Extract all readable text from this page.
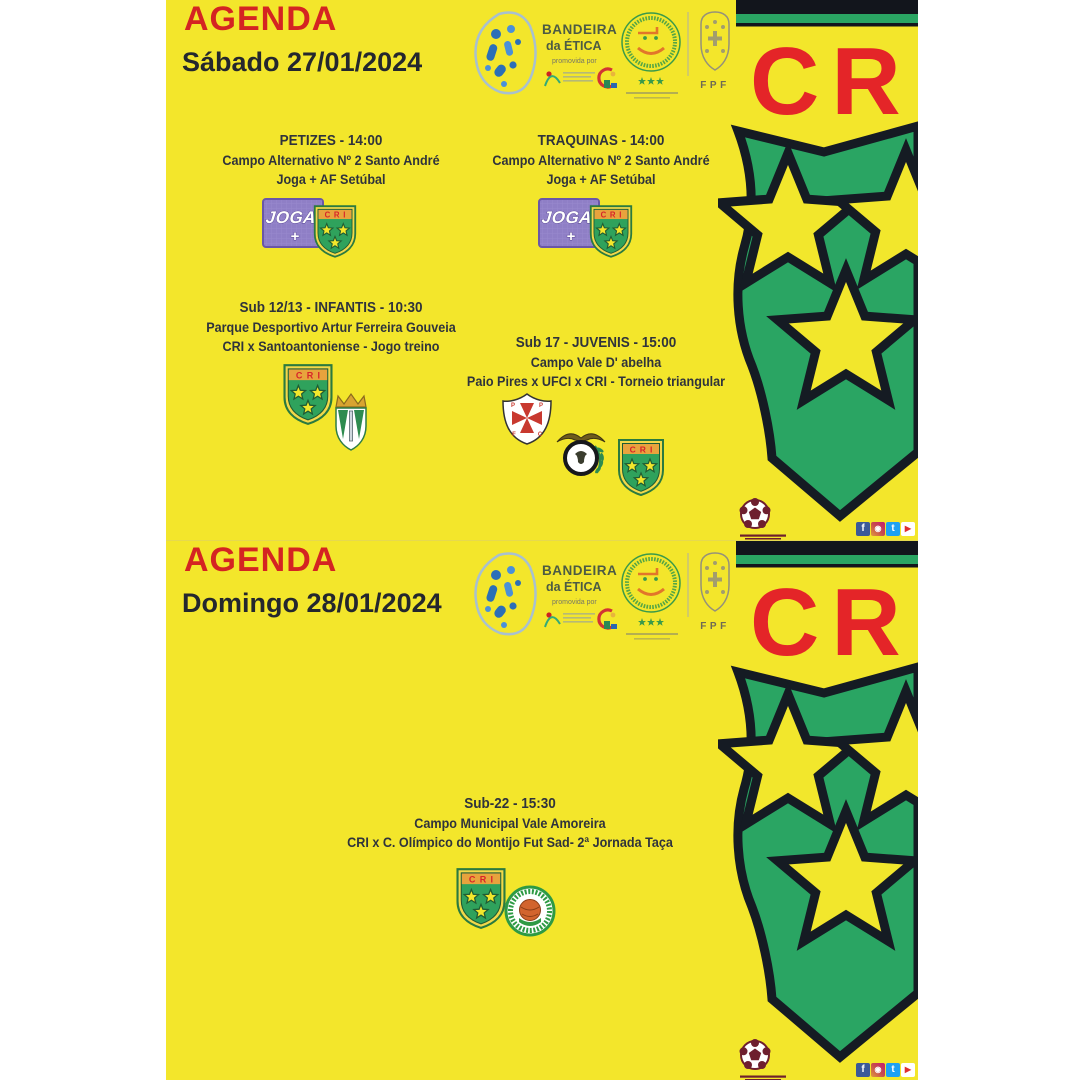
AGENDA
Sábado 27/01/2024
PETIZES - 14:00
Campo Alternativo Nº 2 Santo André
Joga + AF Setúbal
TRAQUINAS - 14:00
Campo Alternativo Nº 2 Santo André
Joga + AF Setúbal
Sub 12/13 - INFANTIS - 10:30
Parque Desportivo Artur Ferreira Gouveia
CRI x Santoantoniense - Jogo treino	Sub 17 - JUVENIS - 15:00
Campo Vale D' abelha
Paio Pires x UFCI x CRI - Torneio triangular
f	◉ t	▶
AGENDA
Domingo 28/01/2024
Sub-22 - 15:30
Campo Municipal Vale Amoreira
CRI x C. Olímpico do Montijo Fut Sad- 2ª Jornada Taça
f	◉ t	▶
